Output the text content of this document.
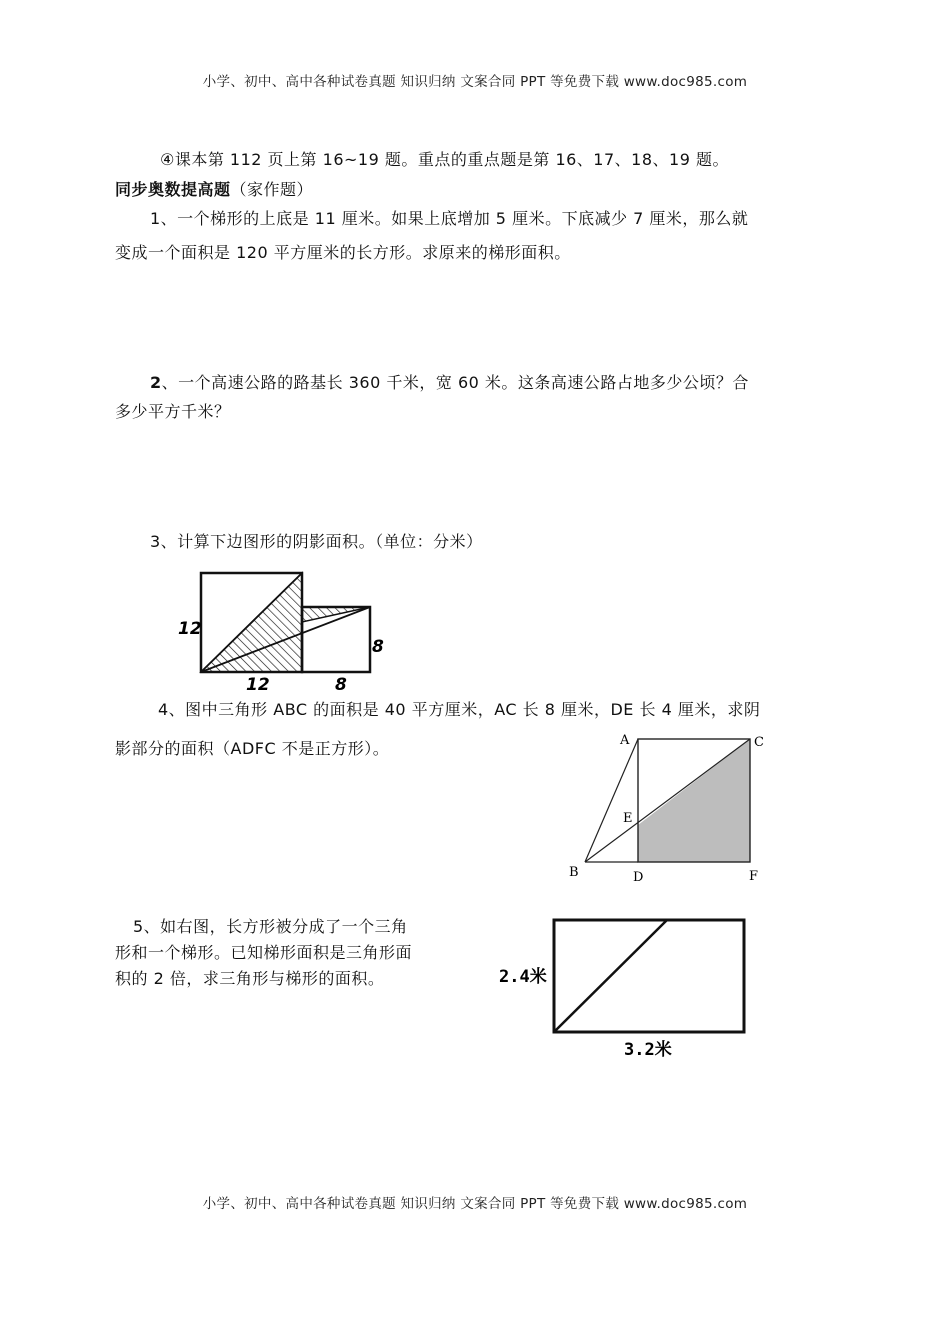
小学、初中、高中各种试卷真题 知识归纳 文案合同 PPT 等免费下载 www.doc985.com
④课本第 112 页上第 16~19 题。重点的重点题是第 16、17、18、19 题。
同步奥数提高题（家作题）
1、一个梯形的上底是 11 厘米。如果上底增加 5 厘米。下底减少 7 厘米，那么就
变成一个面积是 120 平方厘米的长方形。求原来的梯形面积。
2、一个高速公路的路基长 360 千米，宽 60 米。这条高速公路占地多少公顷？合
多少平方千米？
3、计算下边图形的阴影面积。（单位：分米）
12
12	8
8
4、图中三角形 ABC 的面积是 40 平方厘米，AC 长 8 厘米，DE 长 4 厘米，求阴
影部分的面积（ADFC 不是正方形）。	A	C
E
B	D	F
5、如右图，长方形被分成了一个三角
形和一个梯形。已知梯形面积是三角形面
积的 2 倍，求三角形与梯形的面积。	2.4米
3.2米
小学、初中、高中各种试卷真题 知识归纳 文案合同 PPT 等免费下载 www.doc985.com
